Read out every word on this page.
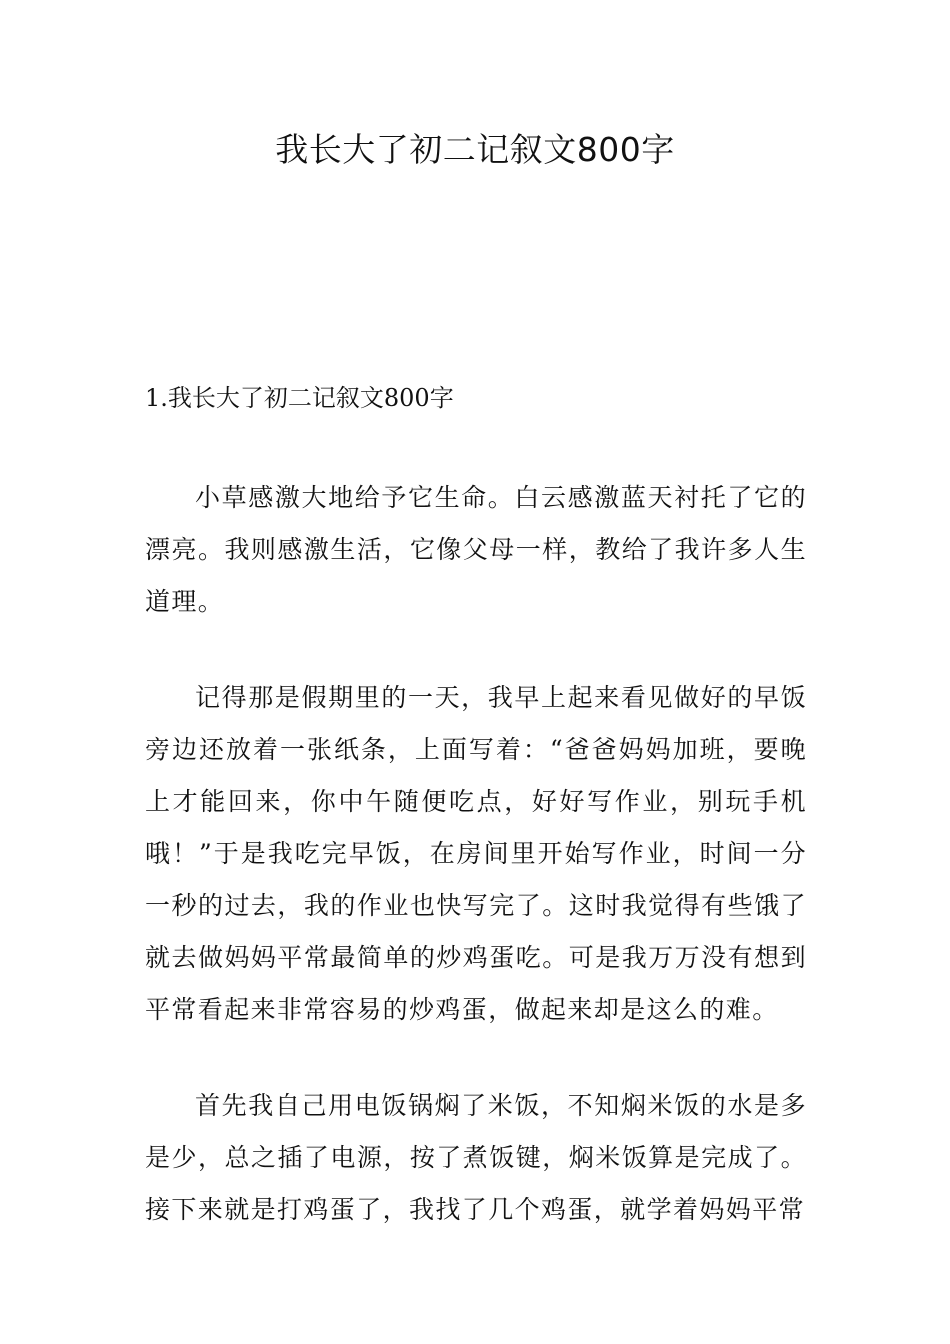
我长大了初二记叙文800字
1.我长大了初二记叙文800字

小草感激大地给予它生命。白云感激蓝天衬托了它的漂亮。我则感激生活，它像父母一样，教给了我许多人生道理。

记得那是假期里的一天，我早上起来看见做好的早饭旁边还放着一张纸条，上面写着：“爸爸妈妈加班，要晚上才能回来，你中午随便吃点，好好写作业，别玩手机哦！”于是我吃完早饭，在房间里开始写作业，时间一分一秒的过去，我的作业也快写完了。这时我觉得有些饿了就去做妈妈平常最简单的炒鸡蛋吃。可是我万万没有想到平常看起来非常容易的炒鸡蛋，做起来却是这么的难。

首先我自己用电饭锅焖了米饭，不知焖米饭的水是多是少，总之插了电源，按了煮饭键，焖米饭算是完成了。接下来就是打鸡蛋了，我找了几个鸡蛋，就学着妈妈平常
